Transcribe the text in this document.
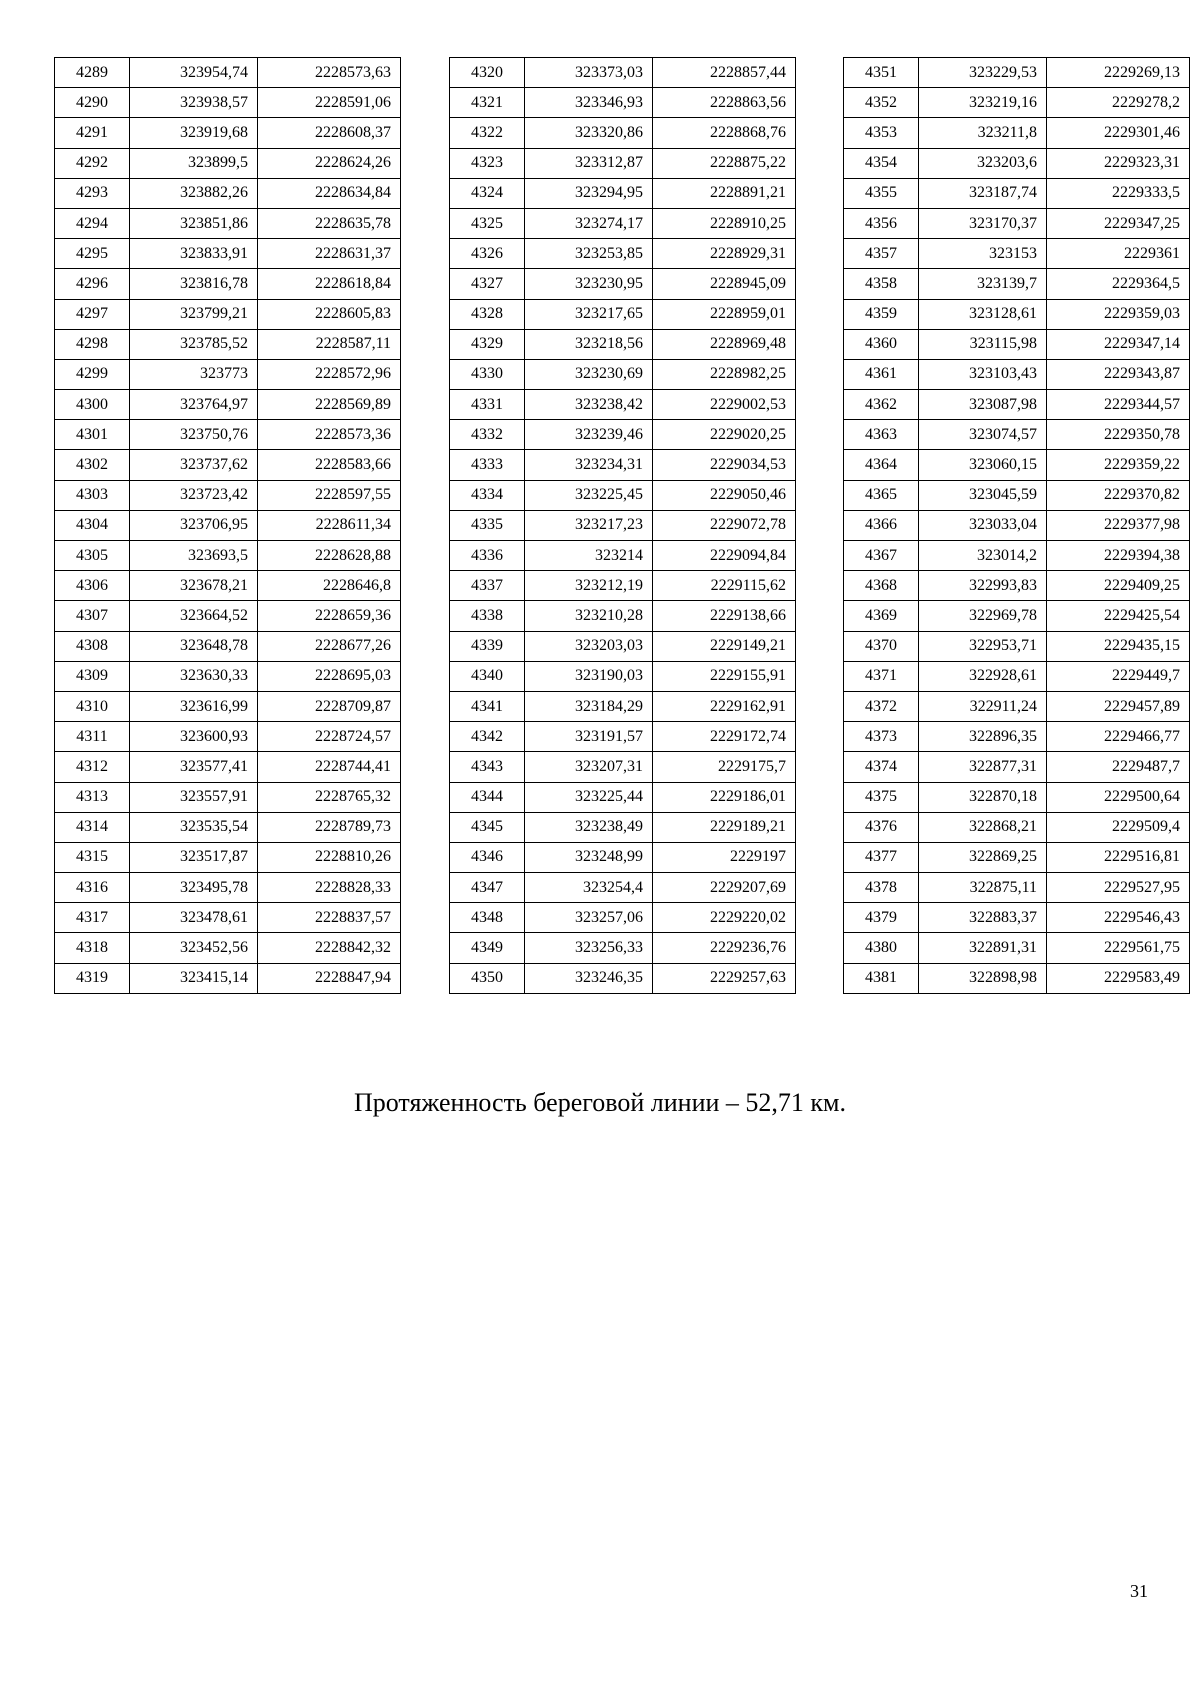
4289	323954,74	2228573,63
4290	323938,57	2228591,06
4291	323919,68	2228608,37
4292	323899,5	2228624,26
4293	323882,26	2228634,84
4294	323851,86	2228635,78
4295	323833,91	2228631,37
4296	323816,78	2228618,84
4297	323799,21	2228605,83
4298	323785,52	2228587,11
4299	323773	2228572,96
4300	323764,97	2228569,89
4301	323750,76	2228573,36
4302	323737,62	2228583,66
4303	323723,42	2228597,55
4304	323706,95	2228611,34
4305	323693,5	2228628,88
4306	323678,21	2228646,8
4307	323664,52	2228659,36
4308	323648,78	2228677,26
4309	323630,33	2228695,03
4310	323616,99	2228709,87
4311	323600,93	2228724,57
4312	323577,41	2228744,41
4313	323557,91	2228765,32
4314	323535,54	2228789,73
4315	323517,87	2228810,26
4316	323495,78	2228828,33
4317	323478,61	2228837,57
4318	323452,56	2228842,32
4319	323415,14	2228847,94
4320	323373,03	2228857,44
4321	323346,93	2228863,56
4322	323320,86	2228868,76
4323	323312,87	2228875,22
4324	323294,95	2228891,21
4325	323274,17	2228910,25
4326	323253,85	2228929,31
4327	323230,95	2228945,09
4328	323217,65	2228959,01
4329	323218,56	2228969,48
4330	323230,69	2228982,25
4331	323238,42	2229002,53
4332	323239,46	2229020,25
4333	323234,31	2229034,53
4334	323225,45	2229050,46
4335	323217,23	2229072,78
4336	323214	2229094,84
4337	323212,19	2229115,62
4338	323210,28	2229138,66
4339	323203,03	2229149,21
4340	323190,03	2229155,91
4341	323184,29	2229162,91
4342	323191,57	2229172,74
4343	323207,31	2229175,7
4344	323225,44	2229186,01
4345	323238,49	2229189,21
4346	323248,99	2229197
4347	323254,4	2229207,69
4348	323257,06	2229220,02
4349	323256,33	2229236,76
4350	323246,35	2229257,63
4351	323229,53	2229269,13
4352	323219,16	2229278,2
4353	323211,8	2229301,46
4354	323203,6	2229323,31
4355	323187,74	2229333,5
4356	323170,37	2229347,25
4357	323153	2229361
4358	323139,7	2229364,5
4359	323128,61	2229359,03
4360	323115,98	2229347,14
4361	323103,43	2229343,87
4362	323087,98	2229344,57
4363	323074,57	2229350,78
4364	323060,15	2229359,22
4365	323045,59	2229370,82
4366	323033,04	2229377,98
4367	323014,2	2229394,38
4368	322993,83	2229409,25
4369	322969,78	2229425,54
4370	322953,71	2229435,15
4371	322928,61	2229449,7
4372	322911,24	2229457,89
4373	322896,35	2229466,77
4374	322877,31	2229487,7
4375	322870,18	2229500,64
4376	322868,21	2229509,4
4377	322869,25	2229516,81
4378	322875,11	2229527,95
4379	322883,37	2229546,43
4380	322891,31	2229561,75
4381	322898,98	2229583,49
Протяженность береговой линии – 52,71 км.
31
